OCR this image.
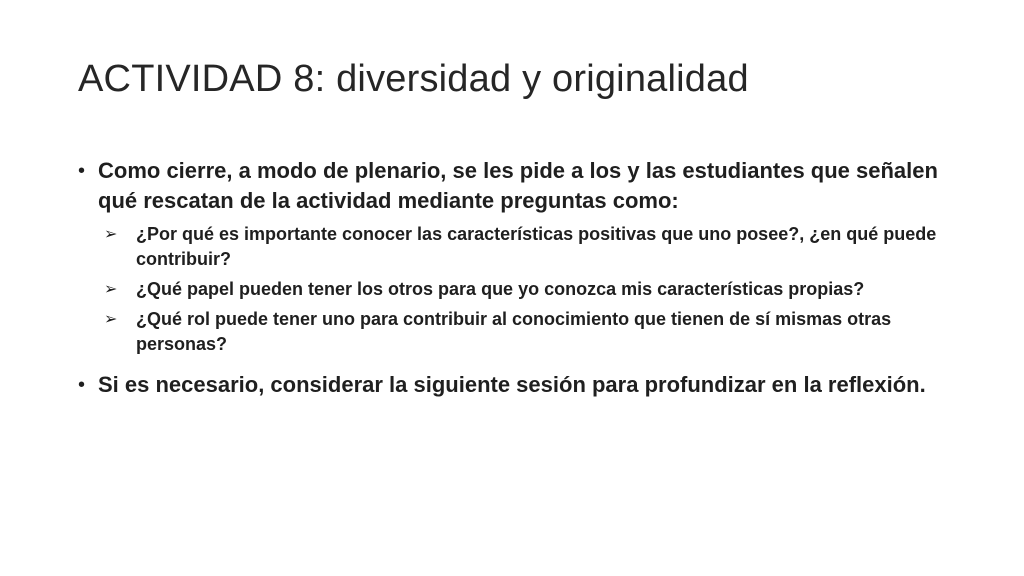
ACTIVIDAD 8: diversidad y originalidad
• Como cierre, a modo de plenario, se les pide a los y las estudiantes que señalen qué rescatan de la actividad mediante preguntas como:
➢	¿Por qué es importante conocer las características positivas que uno posee?, ¿en qué puede contribuir?
➢	¿Qué papel pueden tener los otros para que yo conozca mis características propias?
➢	¿Qué rol puede tener uno para contribuir al conocimiento que tienen de sí mismas otras personas?
• Si es necesario, considerar la siguiente sesión para profundizar en la reflexión.
